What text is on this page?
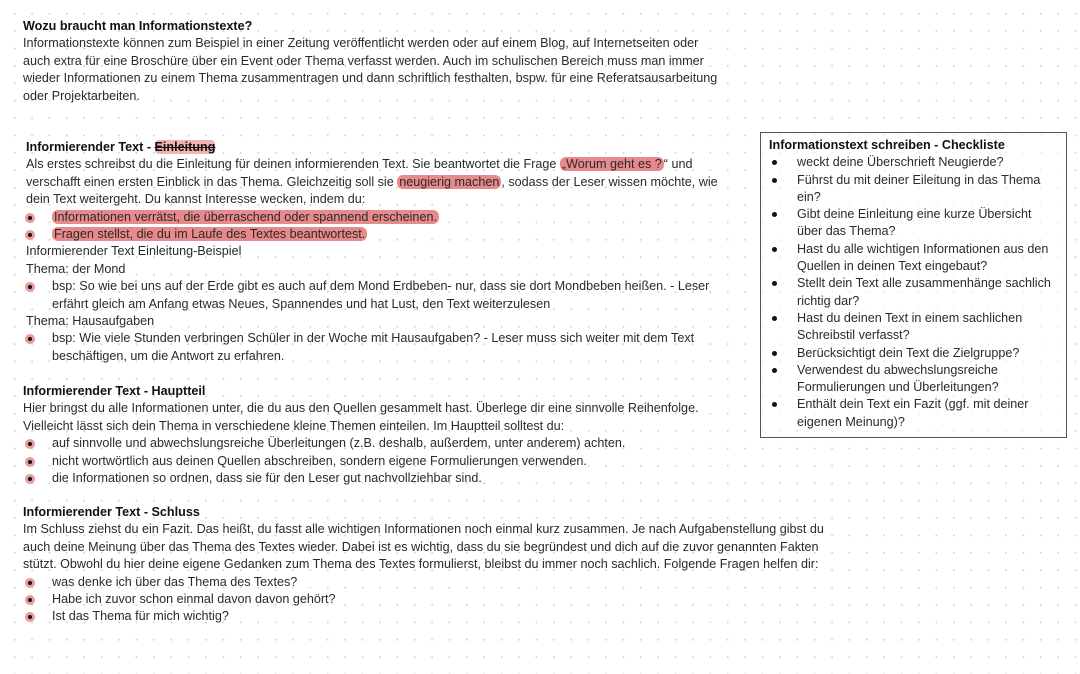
Wozu braucht man Informationstexte?
Informationstexte können zum Beispiel in einer Zeitung veröffentlicht werden oder auf einem Blog, auf Internetseiten oder
auch extra für eine Broschüre über ein Event oder Thema verfasst werden. Auch im schulischen Bereich muss man immer
wieder Informationen zu einem Thema zusammentragen und dann schriftlich festhalten, bspw. für eine Referatsausarbeitung
oder Projektarbeiten.
Informierender Text - Einleitung
Als erstes schreibst du die Einleitung für deinen informierenden Text. Sie beantwortet die Frage „Worum geht es ? “ und
verschafft einen ersten Einblick in das Thema. Gleichzeitig soll sie neugierig machen , sodass der Leser wissen möchte, wie
dein Text weitergeht. Du kannst Interesse wecken, indem du:
Informationen verrätst, die überraschend oder spannend erscheinen.
Fragen stellst, die du im Laufe des Textes beantwortest.
Informierender Text Einleitung-Beispiel
Thema: der Mond
bsp: So wie bei uns auf der Erde gibt es auch auf dem Mond Erdbeben- nur, dass sie dort Mondbeben heißen. - Leser
erfährt gleich am Anfang etwas Neues, Spannendes und hat Lust, den Text weiterzulesen
Thema: Hausaufgaben
bsp: Wie viele Stunden verbringen Schüler in der Woche mit Hausaufgaben? - Leser muss sich weiter mit dem Text
beschäftigen, um die Antwort zu erfahren.
Informierender Text - Hauptteil
Hier bringst du alle Informationen unter, die du aus den Quellen gesammelt hast. Überlege dir eine sinnvolle Reihenfolge.
Vielleicht lässt sich dein Thema in verschiedene kleine Themen einteilen. Im Hauptteil solltest du:
auf sinnvolle und abwechslungsreiche Überleitungen (z.B. deshalb, außerdem, unter anderem) achten.
nicht wortwörtlich aus deinen Quellen abschreiben, sondern eigene Formulierungen verwenden.
die Informationen so ordnen, dass sie für den Leser gut nachvollziehbar sind.
Informierender Text - Schluss
Im Schluss ziehst du ein Fazit. Das heißt, du fasst alle wichtigen Informationen noch einmal kurz zusammen. Je nach Aufgabenstellung gibst du
auch deine Meinung über das Thema des Textes wieder. Dabei ist es wichtig, dass du sie begründest und dich auf die zuvor genannten Fakten
stützt. Obwohl du hier deine eigene Gedanken zum Thema des Textes formulierst, bleibst du immer noch sachlich. Folgende Fragen helfen dir:
was denke ich über das Thema des Textes?
Habe ich zuvor schon einmal davon davon gehört?
Ist das Thema für mich wichtig?
Informationstext schreiben - Checkliste
weckt deine Überschrieft Neugierde?
Führst du mit deiner Eileitung in das Thema
ein?
Gibt deine Einleitung eine kurze Übersicht
über das Thema?
Hast du alle wichtigen Informationen aus den
Quellen in deinen Text eingebaut?
Stellt dein Text alle zusammenhänge sachlich
richtig dar?
Hast du deinen Text in einem sachlichen
Schreibstil verfasst?
Berücksichtigt dein Text die Zielgruppe?
Verwendest du abwechslungsreiche
Formulierungen und Überleitungen?
Enthält dein Text ein Fazit (ggf. mit deiner
eigenen Meinung)?
